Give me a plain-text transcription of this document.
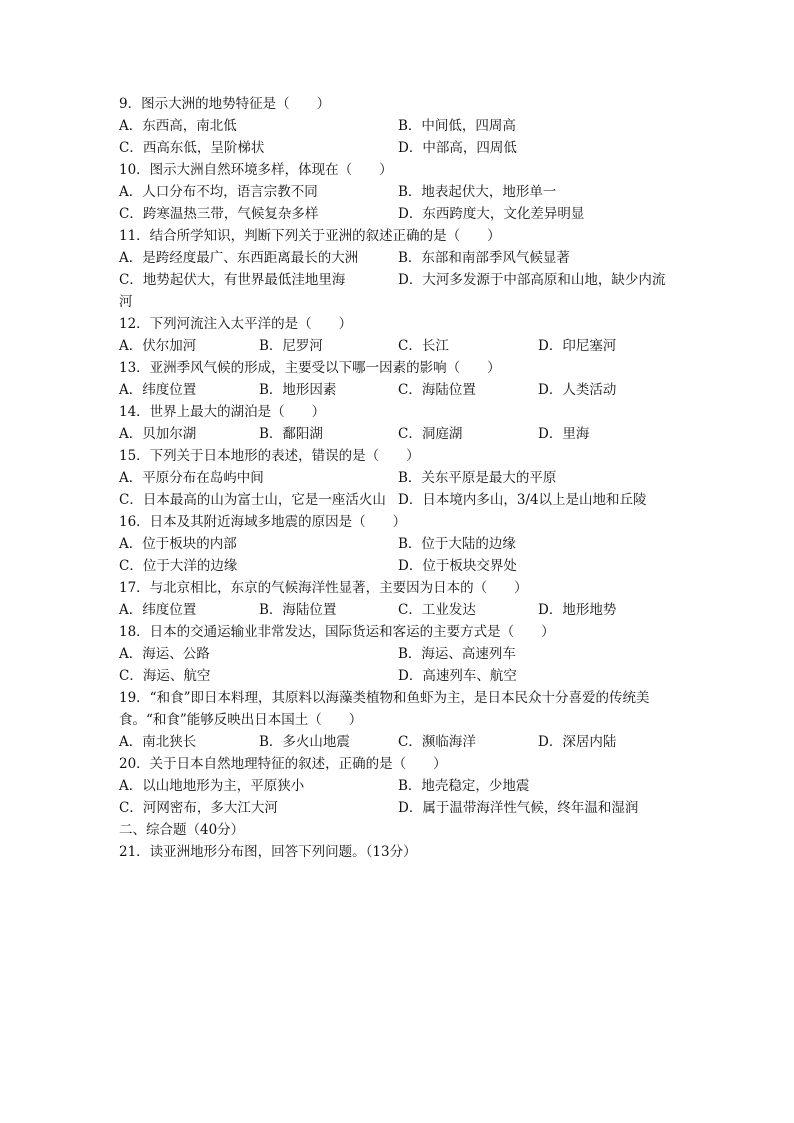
9．图示大洲的地势特征是（　　）
A．东西高，南北低	B．中间低，四周高
C．西高东低，呈阶梯状	D．中部高，四周低
10．图示大洲自然环境多样，体现在（　　）
A．人口分布不均，语言宗教不同	B．地表起伏大，地形单一
C．跨寒温热三带，气候复杂多样	D．东西跨度大，文化差异明显
11．结合所学知识，判断下列关于亚洲的叙述正确的是（　　）
A．是跨经度最广、东西距离最长的大洲	B．东部和南部季风气候显著
C．地势起伏大，有世界最低洼地里海	D．大河多发源于中部高原和山地，缺少内流
河
12．下列河流注入太平洋的是（　　）
A．伏尔加河	B．尼罗河	C．长江	D．印尼塞河
13．亚洲季风气候的形成，主要受以下哪一因素的影响（　　）
A．纬度位置	B．地形因素	C．海陆位置	D．人类活动
14．世界上最大的湖泊是（　　）
A．贝加尔湖	B．鄱阳湖	C．洞庭湖	D．里海
15．下列关于日本地形的表述，错误的是（　　）
A．平原分布在岛屿中间	B．关东平原是最大的平原
C．日本最高的山为富士山，它是一座活火山 D．日本境内多山，3/4以上是山地和丘陵
16．日本及其附近海域多地震的原因是（　　）
A．位于板块的内部	B．位于大陆的边缘
C．位于大洋的边缘	D．位于板块交界处
17．与北京相比，东京的气候海洋性显著，主要因为日本的（　　）
A．纬度位置	B．海陆位置	C．工业发达	D．地形地势
18．日本的交通运输业非常发达，国际货运和客运的主要方式是（　　）
A．海运、公路	B．海运、高速列车
C．海运、航空	D．高速列车、航空
19．“和食”即日本料理，其原料以海藻类植物和鱼虾为主，是日本民众十分喜爱的传统美
食。“和食”能够反映出日本国土（　　）
A．南北狭长	B．多火山地震	C．濒临海洋	D．深居内陆
20．关于日本自然地理特征的叙述，正确的是（　　）
A．以山地地形为主，平原狭小	B．地壳稳定，少地震
C．河网密布，多大江大河	D．属于温带海洋性气候，终年温和湿润
二、综合题（40分）
21．读亚洲地形分布图，回答下列问题。（13分）
